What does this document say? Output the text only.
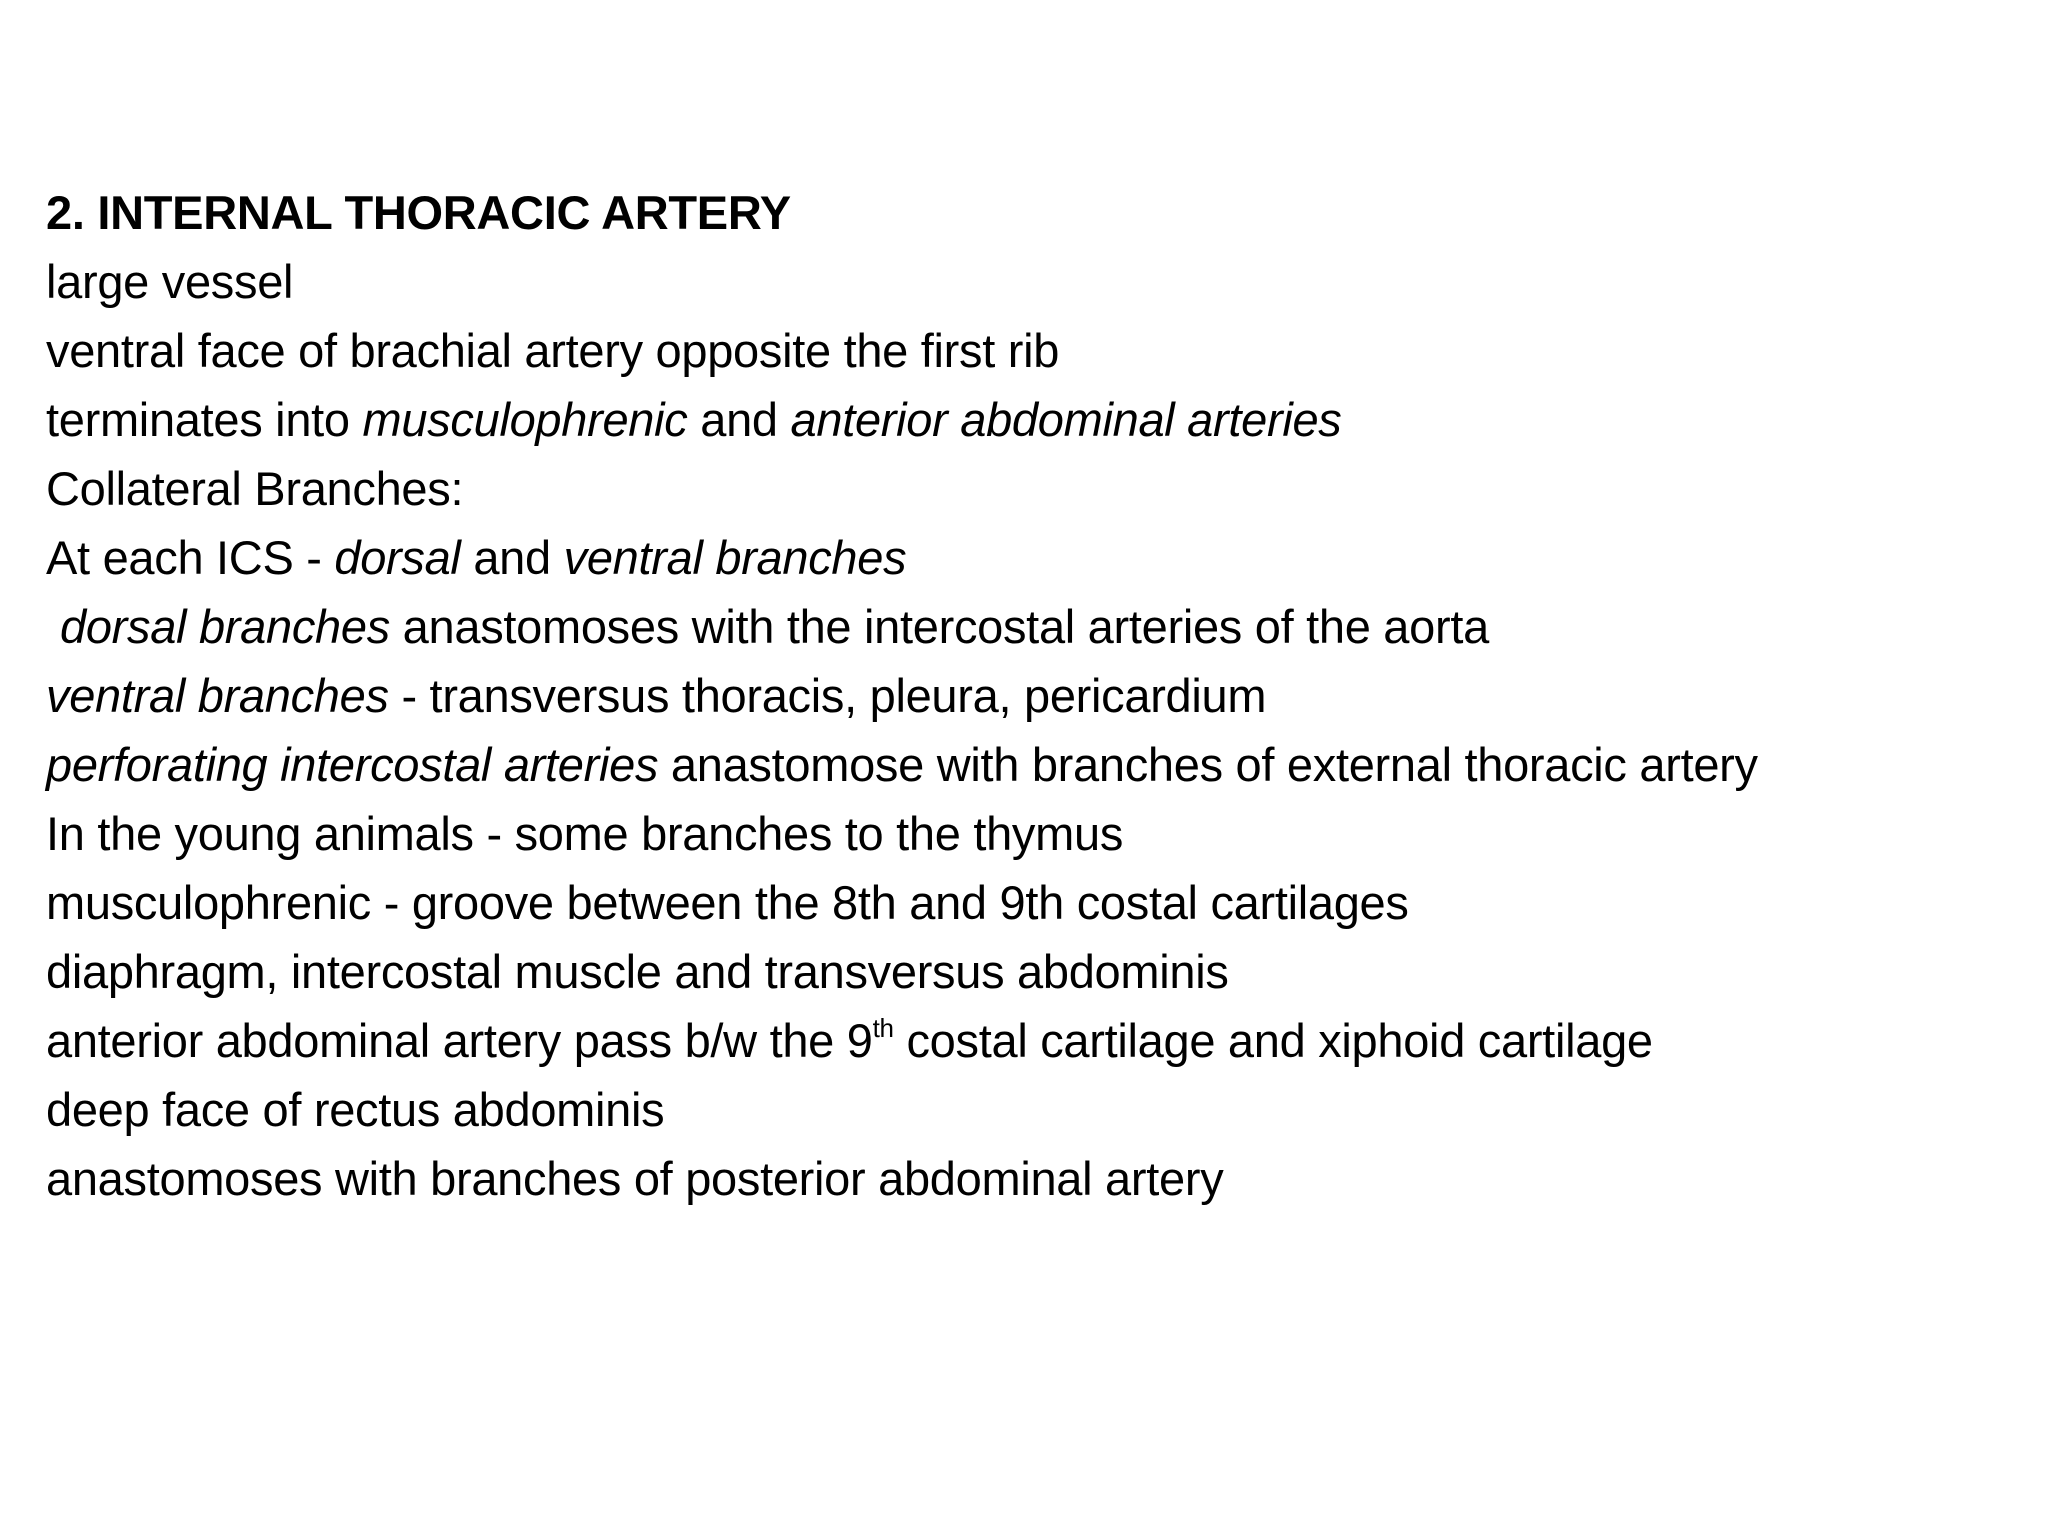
2. INTERNAL THORACIC ARTERY
large vessel
ventral face of brachial artery opposite the first rib
terminates into musculophrenic and anterior abdominal arteries
Collateral Branches:
At each ICS - dorsal and ventral branches
dorsal branches anastomoses with the intercostal arteries of the aorta
ventral branches - transversus thoracis, pleura, pericardium
perforating intercostal arteries anastomose with branches of external thoracic artery
In the young animals - some branches to the thymus
musculophrenic - groove between the 8th and 9th costal cartilages
diaphragm, intercostal muscle and transversus abdominis
anterior abdominal artery pass b/w the 9th costal cartilage and xiphoid cartilage
deep face of rectus abdominis
anastomoses with branches of posterior abdominal artery
